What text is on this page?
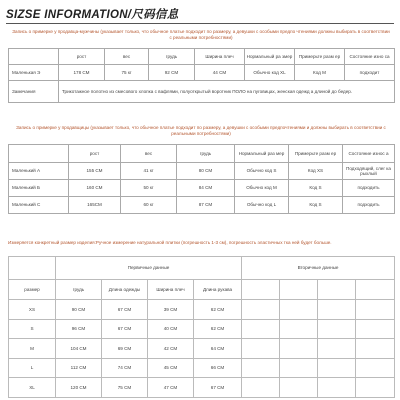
SIZSE INFORMATION/尺码信息
Запись о примерке у продавца-мужчины (указывает только, что обычное платье подходит по размеру, а девушки с особыми предпо чтениями должны выбирать в соответствии с реальными потребностями)
	рост	вес	грудь	Ширина плеч	Нормальный ра змер	Примерьте разм ер	Состояние изно са
Маленькая Э	178 СМ	75 кг	92 СМ	44 СМ	Обычно код XL	Код М	подходит
Замечания	Трикотажное полотно из смесового хлопка с вафлями, полуоткрытый воротник ПОЛО на пуговицах, женская одежд а длиной до бедер.						
Запись о примерке у продавщицы (указывает только, что обычное платье подходит по размеру, а девушки с особыми предпочтениями и должны выбирать в соответствии с реальными потребностями)
	рост	вес	грудь	Нормальный раз мер	Примерьте разм ер	Состояние износ а
Маленький А	155 СМ	41 кг	80 СМ	Обычно код S	Код XS	Подходящий, слег ка рыхлый
Маленький Б	160 СМ	50 кг	84 СМ	Обычно код М	Код S	подходить
Маленький С	165СМ	60 кг	87 СМ	Обычно код L	Код S	подходить
Измеряется конкретный размер изделия:Ручное измерение натуральной плитки (погрешность 1-3 см), погрешность эластичных тка ней будет больше.
	Первичные данные				Вторичные данные			
размер	грудь	Длина одежды	Ширина плеч	Длина рукава				
XS	90 СМ	67 СМ	39 СМ	62 СМ				
S	96 СМ	67 СМ	40 СМ	62 СМ				
M	104 СМ	69 СМ	42 СМ	64 СМ				
L	112 СМ	74 СМ	45 СМ	66 СМ				
XL	120 СМ	75 СМ	47 СМ	67 СМ				
